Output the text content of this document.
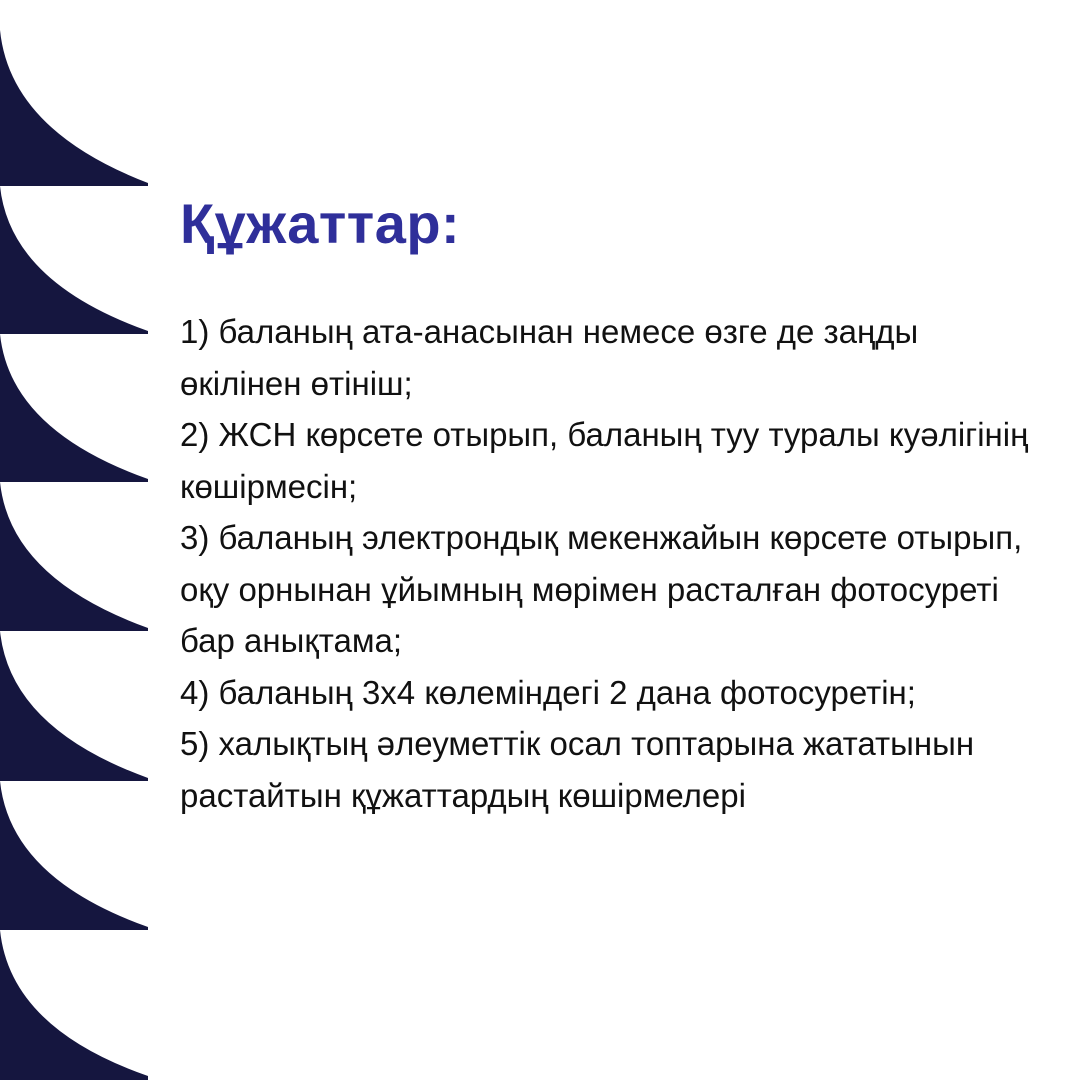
Құжаттар:
1) баланың ата-анасынан немесе өзге де заңды өкілінен өтініш;
2) ЖСН көрсете отырып, баланың туу туралы куәлігінің көшірмесін;
3) баланың электрондық мекенжайын көрсете отырып, оқу орнынан ұйымның мөрімен расталған фотосуреті бар анықтама;
4) баланың 3х4 көлеміндегі 2 дана фотосуретін;
5) халықтың әлеуметтік осал топтарына жататынын растайтын құжаттардың көшірмелері
